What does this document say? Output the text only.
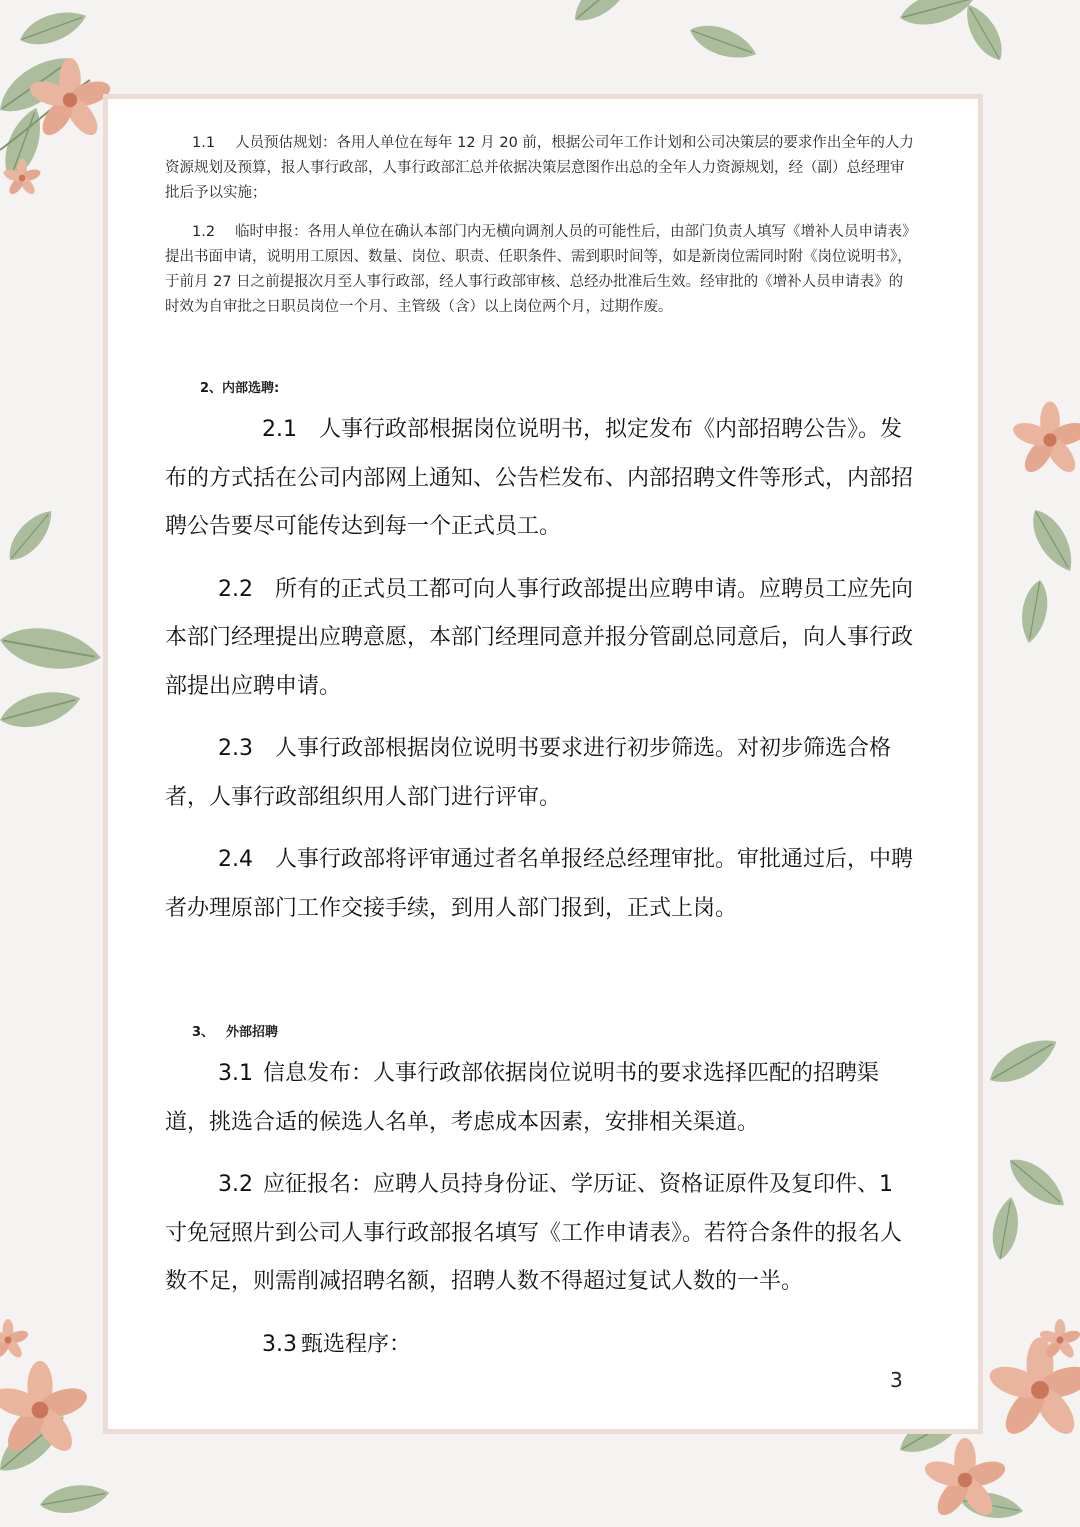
1.1 人员预估规划：各用人单位在每年 12 月 20 前，根据公司年工作计划和公司决策层的要求作出全年的人力资源规划及预算，报人事行政部，人事行政部汇总并依据决策层意图作出总的全年人力资源规划，经（副）总经理审批后予以实施；

1.2 临时申报：各用人单位在确认本部门内无横向调剂人员的可能性后，由部门负责人填写《增补人员申请表》提出书面申请，说明用工原因、数量、岗位、职责、任职条件、需到职时间等，如是新岗位需同时附《岗位说明书》，于前月 27 日之前提报次月至人事行政部，经人事行政部审核、总经办批准后生效。经审批的《增补人员申请表》的时效为自审批之日职员岗位一个月、主管级（含）以上岗位两个月，过期作废。

2、内部选聘:

2.1 人事行政部根据岗位说明书，拟定发布《内部招聘公告》。发布的方式括在公司内部网上通知、公告栏发布、内部招聘文件等形式，内部招聘公告要尽可能传达到每一个正式员工。

2.2 所有的正式员工都可向人事行政部提出应聘申请。应聘员工应先向本部门经理提出应聘意愿，本部门经理同意并报分管副总同意后，向人事行政部提出应聘申请。

2.3 人事行政部根据岗位说明书要求进行初步筛选。对初步筛选合格者，人事行政部组织用人部门进行评审。

2.4 人事行政部将评审通过者名单报经总经理审批。审批通过后，中聘者办理原部门工作交接手续，到用人部门报到，正式上岗。

3、 外部招聘

3.1 信息发布：人事行政部依据岗位说明书的要求选择匹配的招聘渠道，挑选合适的候选人名单，考虑成本因素，安排相关渠道。

3.2 应征报名：应聘人员持身份证、学历证、资格证原件及复印件、1 寸免冠照片到公司人事行政部报名填写《工作申请表》。若符合条件的报名人数不足，则需削减招聘名额，招聘人数不得超过复试人数的一半。

3.3 甄选程序：

3
